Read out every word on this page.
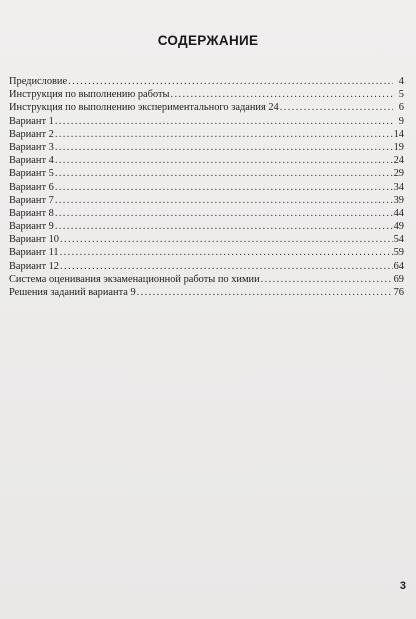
СОДЕРЖАНИЕ
Предисловие . . .	4
Инструкция по выполнению работы . . .	5
Инструкция по выполнению экспериментального задания 24 . . .	6
Вариант 1 . . .	9
Вариант 2 . . .	14
Вариант 3 . . .	19
Вариант 4 . . .	24
Вариант 5 . . .	29
Вариант 6 . . .	34
Вариант 7 . . .	39
Вариант 8 . . .	44
Вариант 9 . . .	49
Вариант 10 . . .	54
Вариант 11 . . .	59
Вариант 12 . . .	64
Система оценивания экзаменационной работы по химии . . .	69
Решения заданий варианта 9 . . .	76
3
